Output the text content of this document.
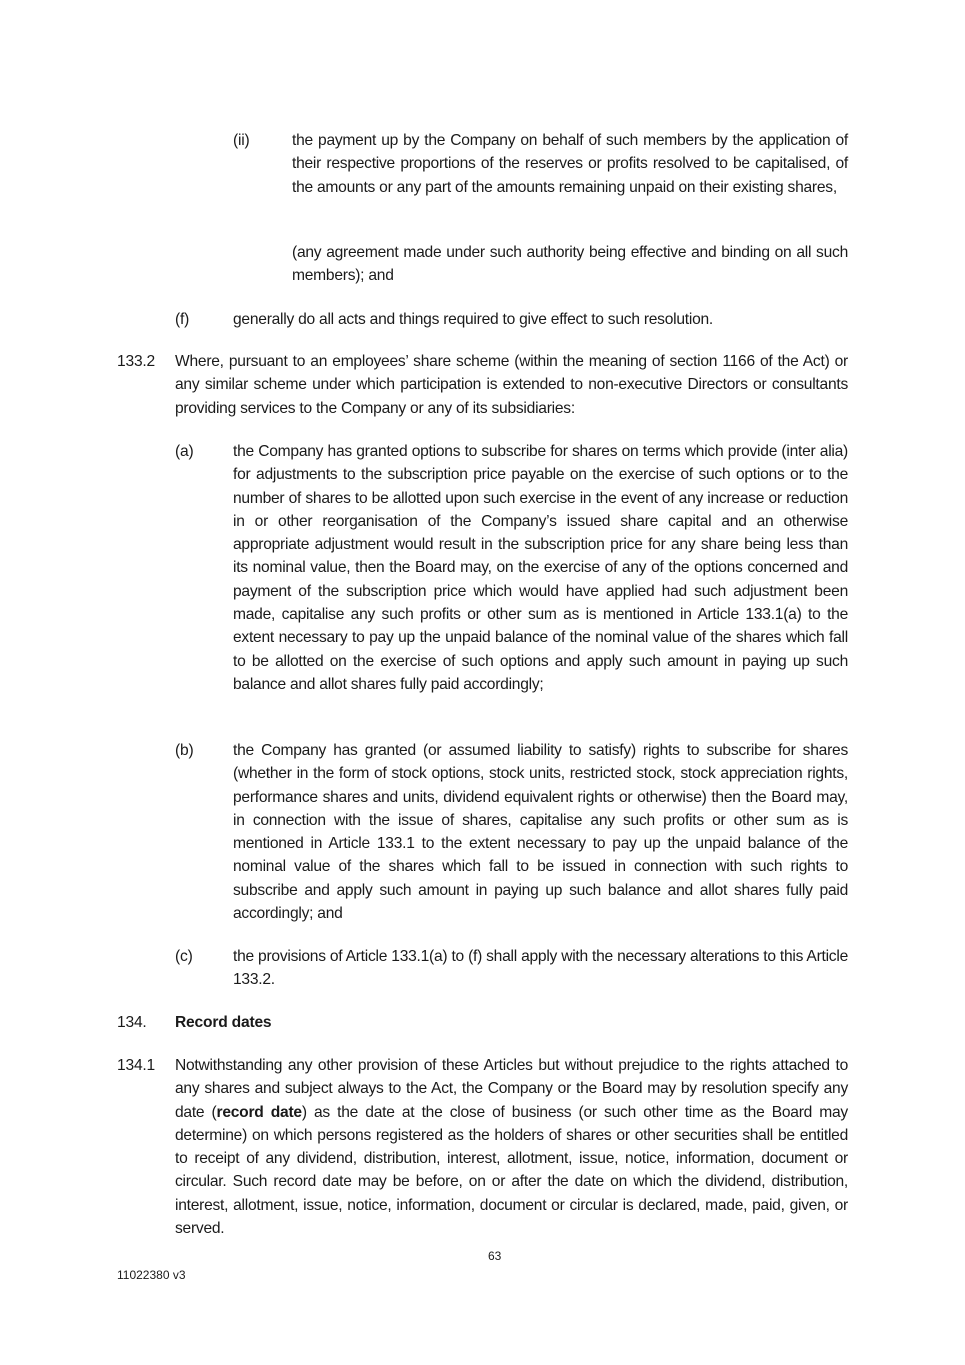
(ii)	the payment up by the Company on behalf of such members by the application of their respective proportions of the reserves or profits resolved to be capitalised, of the amounts or any part of the amounts remaining unpaid on their existing shares,
(any agreement made under such authority being effective and binding on all such members); and
(f)	generally do all acts and things required to give effect to such resolution.
133.2 Where, pursuant to an employees’ share scheme (within the meaning of section 1166 of the Act) or any similar scheme under which participation is extended to non-executive Directors or consultants providing services to the Company or any of its subsidiaries:
(a)	the Company has granted options to subscribe for shares on terms which provide (inter alia) for adjustments to the subscription price payable on the exercise of such options or to the number of shares to be allotted upon such exercise in the event of any increase or reduction in or other reorganisation of the Company’s issued share capital and an otherwise appropriate adjustment would result in the subscription price for any share being less than its nominal value, then the Board may, on the exercise of any of the options concerned and payment of the subscription price which would have applied had such adjustment been made, capitalise any such profits or other sum as is mentioned in Article 133.1(a) to the extent necessary to pay up the unpaid balance of the nominal value of the shares which fall to be allotted on the exercise of such options and apply such amount in paying up such balance and allot shares fully paid accordingly;
(b)	the Company has granted (or assumed liability to satisfy) rights to subscribe for shares (whether in the form of stock options, stock units, restricted stock, stock appreciation rights, performance shares and units, dividend equivalent rights or otherwise) then the Board may, in connection with the issue of shares, capitalise any such profits or other sum as is mentioned in Article 133.1 to the extent necessary to pay up the unpaid balance of the nominal value of the shares which fall to be issued in connection with such rights to subscribe and apply such amount in paying up such balance and allot shares fully paid accordingly; and
(c)	the provisions of Article 133.1(a) to (f) shall apply with the necessary alterations to this Article 133.2.
134. Record dates
134.1 Notwithstanding any other provision of these Articles but without prejudice to the rights attached to any shares and subject always to the Act, the Company or the Board may by resolution specify any date (record date) as the date at the close of business (or such other time as the Board may determine) on which persons registered as the holders of shares or other securities shall be entitled to receipt of any dividend, distribution, interest, allotment, issue, notice, information, document or circular. Such record date may be before, on or after the date on which the dividend, distribution, interest, allotment, issue, notice, information, document or circular is declared, made, paid, given, or served.
63
11022380 v3
